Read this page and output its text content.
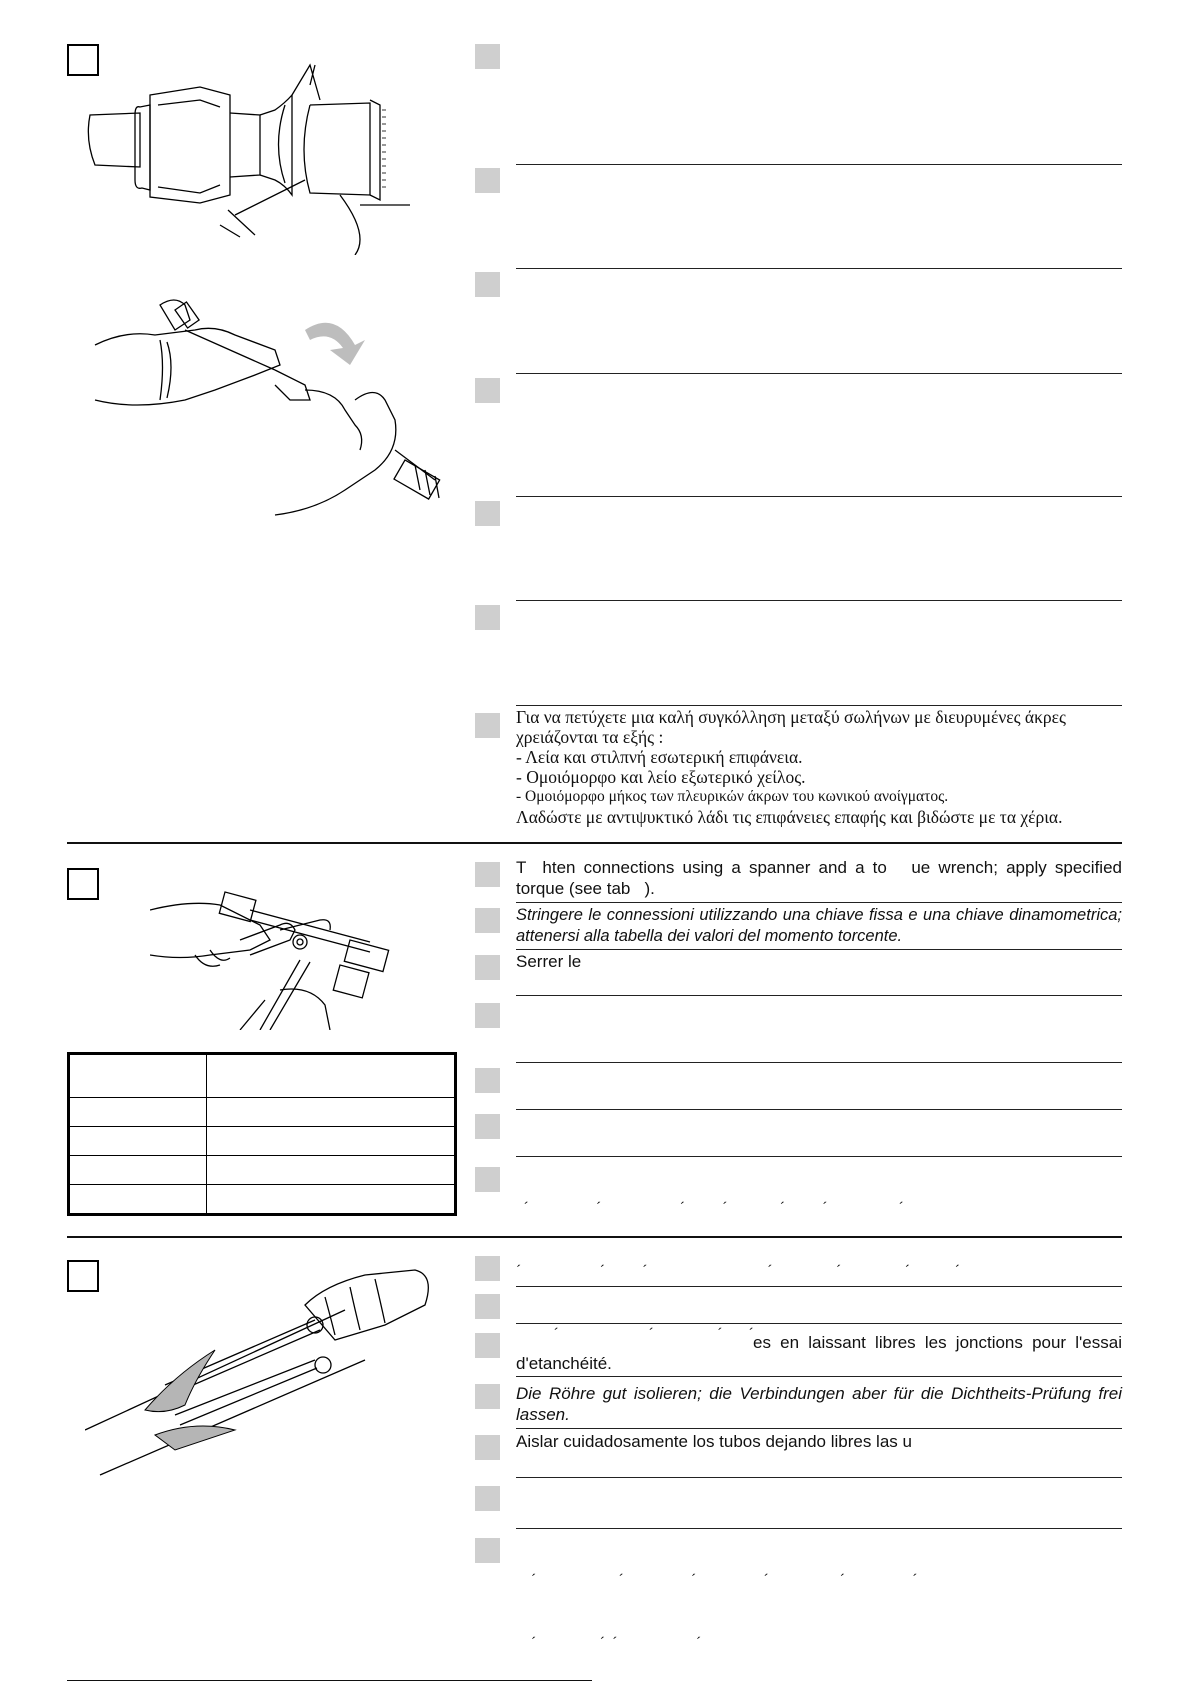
Για να πετύχετε μια καλή συγκόλληση μεταξύ σωλήνων με διευρυμένες άκρες χρειάζονται τα εξής :
- Λεία και στιλπνή εσωτερική επιφάνεια.
- Ομοιόμορφο και λείο εξωτερικό χείλος.
- Ομοιόμορφο μήκος των πλευρικών άκρων του κωνικού ανοίγματος.
Λαδώστε με αντιψυκτικό λάδι τις επιφάνειες επαφής και βιδώστε με τα χέρια.

T  hten connections using a spanner and a to   ue wrench; apply specified torque (see tab   ).
Stringere le connessioni utilizzando una chiave fissa e una chiave dinamometrica; attenersi alla tabella dei valori del momento torcente.
Serrer le

´                  ´                     ´          ´              ´          ´                   ´

´                     ´          ´                                ´                 ´                 ´            ´

´                        ´                 ´       ´ es en laissant libres les jonctions pour l'essai d'etanchéité.
Die Röhre gut isolieren; die Verbindungen aber für die Dichtheits-Prüfung frei lassen.
Aislar cuidadosamente los tubos dejando libres las u

´                      ´                  ´                  ´                   ´                  ´

´                 ´  ´                     ´
